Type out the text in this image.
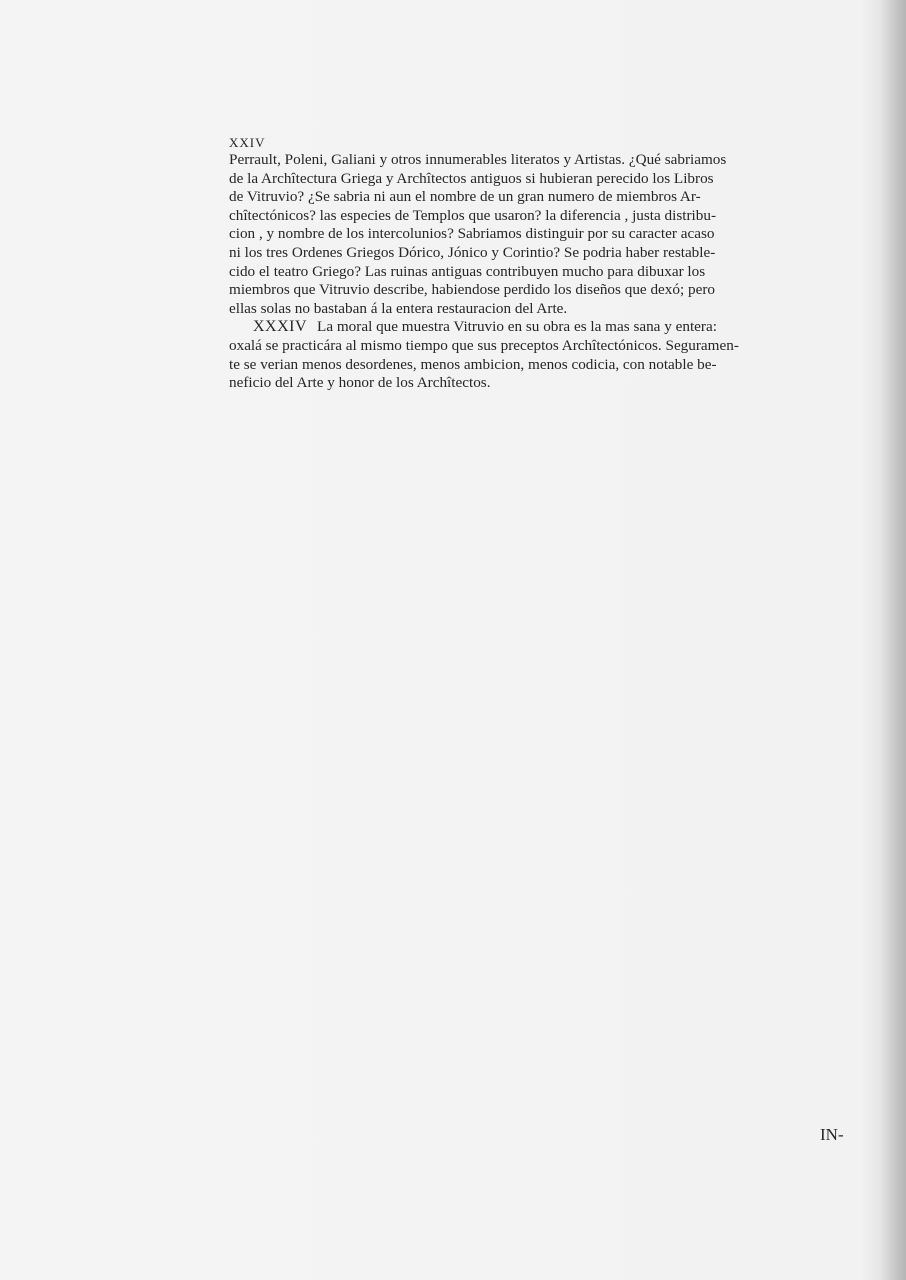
XXIV
Perrault, Poleni, Galiani y otros innumerables literatos y Artistas. ¿Qué sabriamos
de la Archîtectura Griega y Archîtectos antiguos si hubieran perecido los Libros
de Vitruvio? ¿Se sabria ni aun el nombre de un gran numero de miembros Ar-
chîtectónicos? las especies de Templos que usaron? la diferencia , justa distribu-
cion , y nombre de los intercolunios? Sabriamos distinguir por su caracter acaso
ni los tres Ordenes Griegos Dórico, Jónico y Corintio? Se podria haber restable-
cido el teatro Griego? Las ruinas antiguas contribuyen mucho para dibuxar los
miembros que Vitruvio describe, habiendose perdido los diseños que dexó; pero
ellas solas no bastaban á la entera restauracion del Arte.
XXXIV La moral que muestra Vitruvio en su obra es la mas sana y entera:
oxalá se practicára al mismo tiempo que sus preceptos Archîtectónicos. Seguramen-
te se verian menos desordenes, menos ambicion, menos codicia, con notable be-
neficio del Arte y honor de los Archîtectos.
IN-
